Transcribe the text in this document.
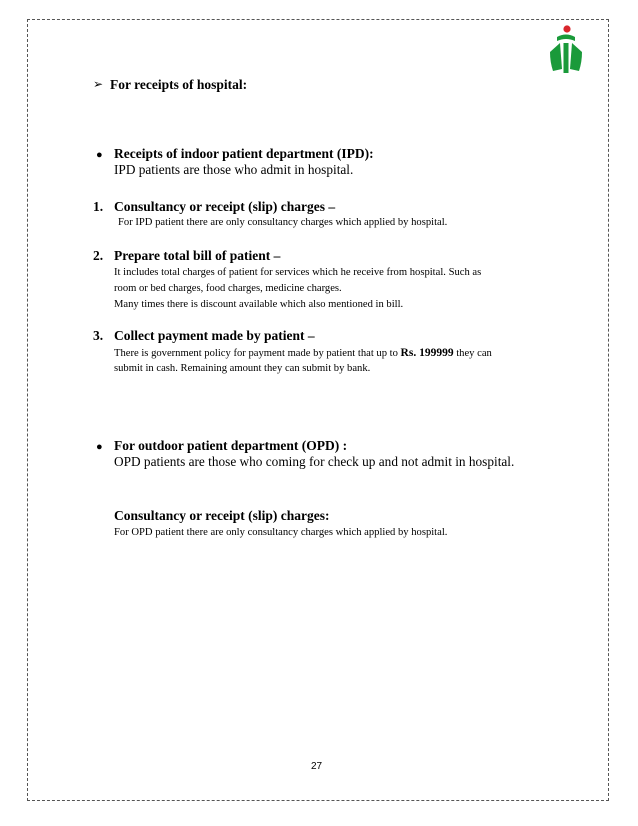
➢ For receipts of hospital:

● Receipts of indoor patient department (IPD):

IPD patients are those who admit in hospital.

1. Consultancy or receipt (slip) charges –

For IPD patient there are only consultancy charges which applied by hospital.

2. Prepare total bill of patient –

It includes total charges of patient for services which he receive from hospital. Such as

room or bed charges, food charges, medicine charges.

Many times there is discount available which also mentioned in bill.

3. Collect payment made by patient –

There is government policy for payment made by patient that up to Rs. 199999 they can

submit in cash. Remaining amount they can submit by bank.

● For outdoor patient department (OPD) :

OPD patients are those who coming for check up and not admit in hospital.

Consultancy or receipt (slip) charges:

For OPD patient there are only consultancy charges which applied by hospital.

27
